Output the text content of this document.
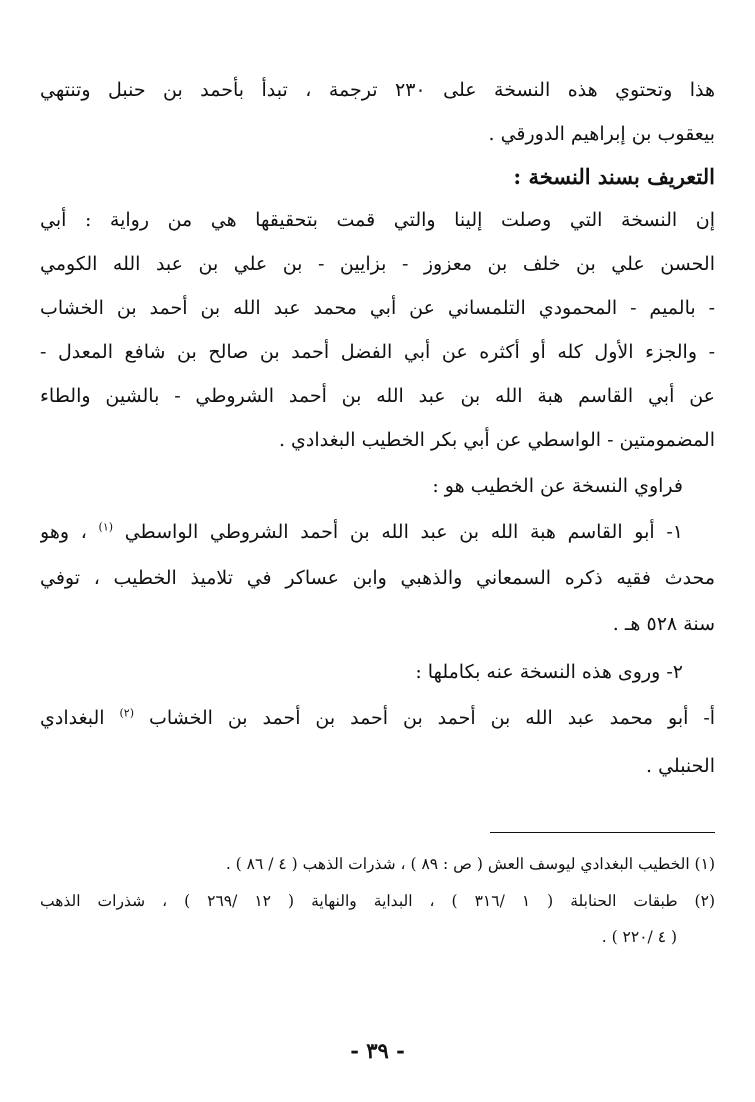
هذا وتحتوي هذه النسخة على ٢٣٠ ترجمة ، تبدأ بأحمد بن حنبل وتنتهي

بيعقوب بن إبراهيم الدورقي .

التعريف بسند النسخة :

إن النسخة التي وصلت إلينا والتي قمت بتحقيقها هي من رواية : أبي

الحسن علي بن خلف بن معزوز - بزايين - بن علي بن عبد الله الكومي

- بالميم - المحمودي التلمساني عن أبي محمد عبد الله بن أحمد بن الخشاب

- والجزء الأول كله أو أكثره عن أبي الفضل أحمد بن صالح بن شافع المعدل -

عن أبي القاسم هبة الله بن عبد الله بن أحمد الشروطي - بالشين والطاء

المضمومتين - الواسطي عن أبي بكر الخطيب البغدادي .

فراوي النسخة عن الخطيب هو :

١- أبو القاسم هبة الله بن عبد الله بن أحمد الشروطي الواسطي $^{(١)}$ ، وهو

محدث فقيه ذكره السمعاني والذهبي وابن عساكر في تلاميذ الخطيب ، توفي

سنة ٥٢٨ هـ .

٢- وروى هذه النسخة عنه بكاملها :

أ- أبو محمد عبد الله بن أحمد بن أحمد بن أحمد بن الخشاب $^{(٢)}$ البغدادي

الحنبلي .

(١) الخطيب البغدادي ليوسف العش ( ص : ٨٩ ) ، شذرات الذهب ( ٤ / ٨٦ ) .

(٢) طبقات الحنابلة ( ١ /٣١٦ ) ، البداية والنهاية ( ١٢ /٢٦٩ ) ، شذرات الذهب

( ٤ /٢٢٠ ) .

- ٣٩ -
